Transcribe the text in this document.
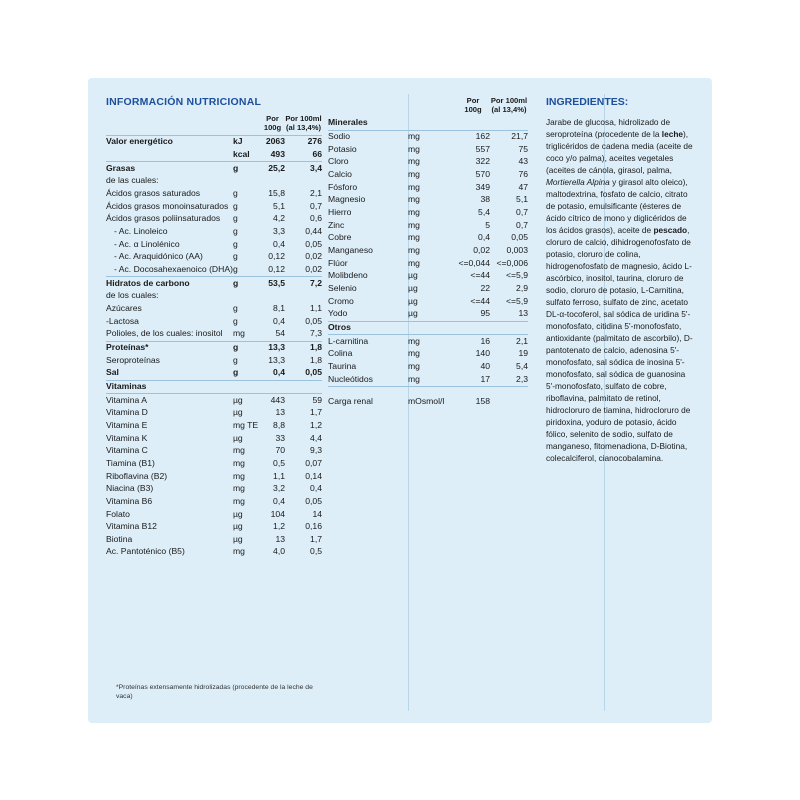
INFORMACIÓN NUTRICIONAL

Por
100g

Por 100ml
(al 13,4%)

Valor energético	kJ	2063	276
	kcal	493	66

Grasas	g	25,2	3,4
de las cuales:			
Ácidos grasos saturados	g	15,8	2,1
Ácidos grasos monoinsaturados	g	5,1	0,7
Ácidos grasos poliinsaturados	g	4,2	0,6
- Ac. Linoleico	g	3,3	0,44
- Ac. α Linolénico	g	0,4	0,05
- Ac. Araquidónico (AA)	g	0,12	0,02
- Ac. Docosahexaenoico (DHA)	g	0,12	0,02

Hidratos de carbono	g	53,5	7,2
de los cuales:			
Azúcares	g	8,1	1,1
-Lactosa	g	0,4	0,05
Polioles, de los cuales: inositol	mg	54	7,3

Proteínas*	g	13,3	1,8
Seroproteínas	g	13,3	1,8
Sal	g	0,4	0,05

Vitaminas			

Vitamina A	µg	443	59
Vitamina D	µg	13	1,7
Vitamina E	mg TE	8,8	1,2
Vitamina K	µg	33	4,4
Vitamina C	mg	70	9,3
Tiamina (B1)	mg	0,5	0,07
Riboflavina (B2)	mg	1,1	0,14
Niacina (B3)	mg	3,2	0,4
Vitamina B6	mg	0,4	0,05
Folato	µg	104	14
Vitamina B12	µg	1,2	0,16
Biotina	µg	13	1,7
Ac. Pantoténico (B5)	mg	4,0	0,5
*Proteínas extensamente hidrolizadas (procedente de la leche de vaca)

Por
100g

Por 100ml
(al 13,4%)

Minerales			

Sodio	mg	162	21,7
Potasio	mg	557	75
Cloro	mg	322	43
Calcio	mg	570	76
Fósforo	mg	349	47
Magnesio	mg	38	5,1
Hierro	mg	5,4	0,7
Zinc	mg	5	0,7
Cobre	mg	0,4	0,05
Manganeso	mg	0,02	0,003
Flúor	mg	<=0,044	<=0,006
Molibdeno	µg	<=44	<=5,9
Selenio	µg	22	2,9
Cromo	µg	<=44	<=5,9
Yodo	µg	95	13

Otros			

L-carnitina	mg	16	2,1
Colina	mg	140	19
Taurina	mg	40	5,4
Nucleótidos	mg	17	2,3

Carga renal	mOsmol/l	158	
INGREDIENTES:
Jarabe de glucosa, hidrolizado de seroproteína (procedente de la leche), triglicéridos de cadena media (aceite de coco y/o palma), aceites vegetales (aceites de cánola, girasol, palma, Mortierella Alpina y girasol alto oleico), maltodextrina, fosfato de calcio, citrato de potasio, emulsificante (ésteres de ácido cítrico de mono y diglicéridos de los ácidos grasos), aceite de pescado, cloruro de calcio, dihidrogenofosfato de potasio, cloruro de colina, hidrogenofosfato de magnesio, ácido L-ascórbico, inositol, taurina, cloruro de sodio, cloruro de potasio, L-Carnitina, sulfato ferroso, sulfato de zinc, acetato DL-α-tocoferol, sal sódica de uridina 5'-monofosfato, citidina 5'-monofosfato, antioxidante (palmitato de ascorbilo), D-pantotenato de calcio, adenosina 5'-monofosfato, sal sódica de inosina 5'-monofosfato, sal sódica de guanosina 5'-monofosfato, sulfato de cobre, riboflavina, palmitato de retinol, hidrocloruro de tiamina, hidrocloruro de piridoxina, yoduro de potasio, ácido fólico, selenito de sodio, sulfato de manganeso, fitomenadiona, D-Biotina, colecalciferol, cianocobalamina.
